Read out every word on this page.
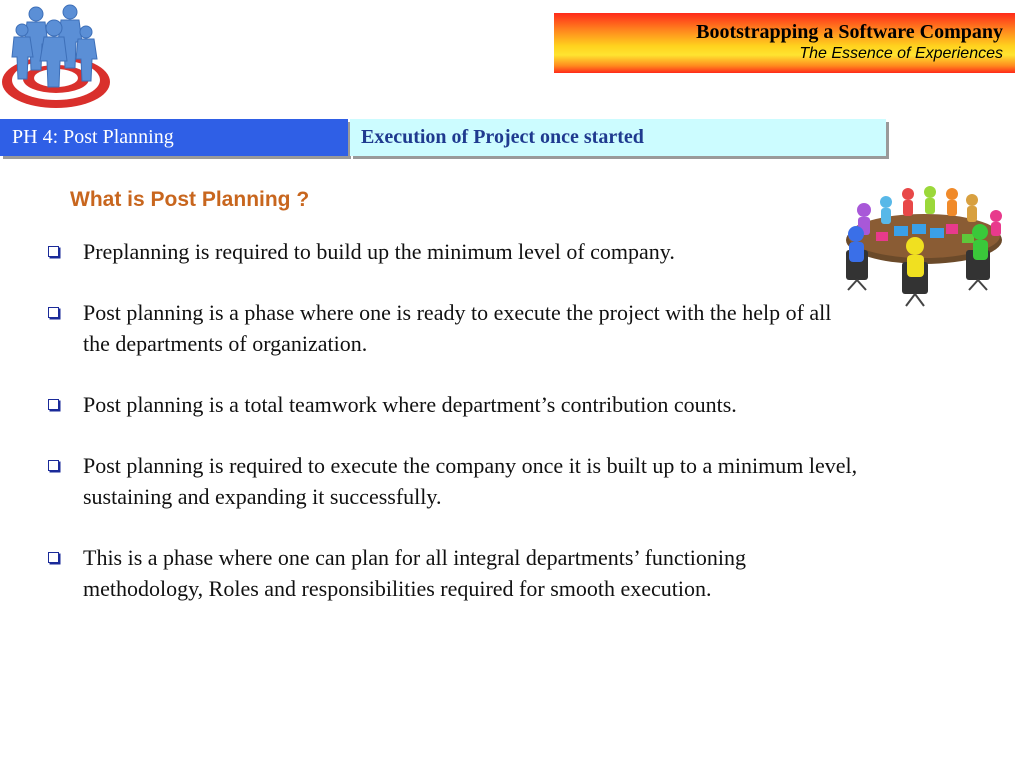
Bootstrapping a Software Company
The Essence of Experiences
PH 4: Post Planning	Execution of Project once started
What is Post Planning ?
Preplanning is required to build up the minimum level of company.
Post planning is a phase where one is ready to execute the project with the help of all the departments of organization.
Post planning is a total teamwork where department’s contribution counts.
Post planning is required to execute the company once it is built up to a minimum level, sustaining and expanding it successfully.
This is a phase where one can plan for all integral departments’ functioning methodology, Roles and responsibilities required for smooth execution.
